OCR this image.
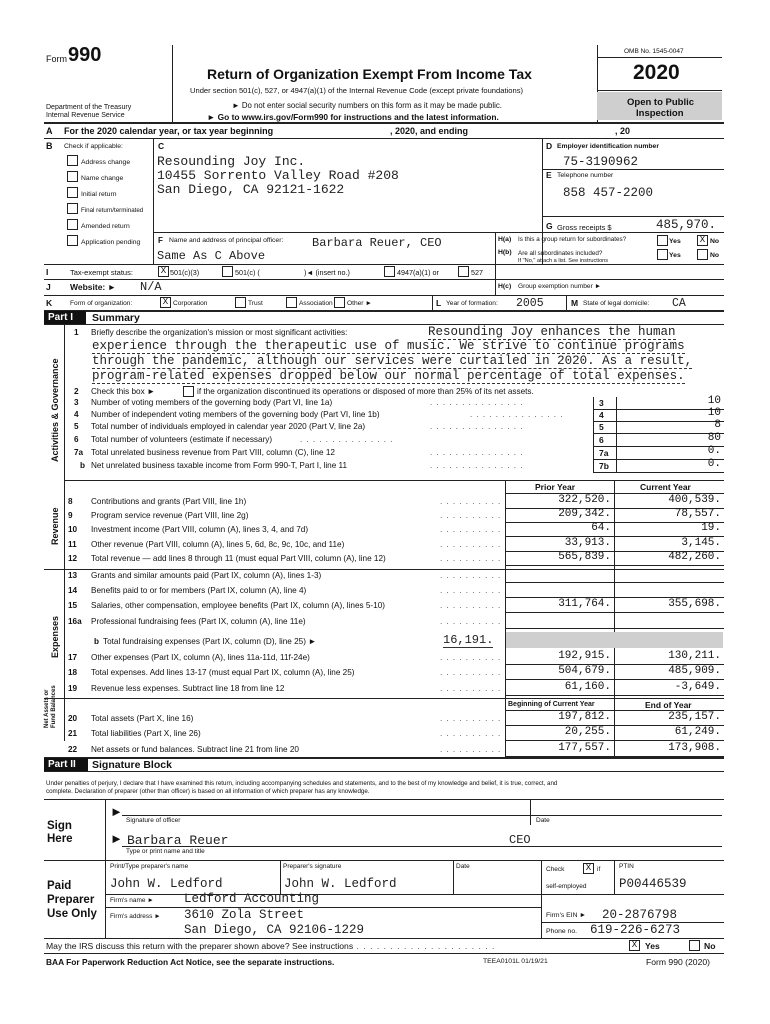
Form 990
Return of Organization Exempt From Income Tax
Under section 501(c), 527, or 4947(a)(1) of the Internal Revenue Code (except private foundations)
► Do not enter social security numbers on this form as it may be made public.
► Go to www.irs.gov/Form990 for instructions and the latest information.
Department of the Treasury
Internal Revenue Service
OMB No. 1545-0047
2020
Open to Public
Inspection
A For the 2020 calendar year, or tax year beginning	, 2020, and ending	, 20
B Check if applicable:
Address change
Name change
Initial return
Final return/terminated
Amended return
Application pending
C
Resounding Joy Inc.
10455 Sorrento Valley Road #208
San Diego, CA 92121-1622
D Employer identification number
75-3190962
E Telephone number
858 457-2200
G Gross receipts $	485,970.
F Name and address of principal officer: Barbara Reuer, CEO
Same As C Above
H(a) Is this a group return for subordinates?	Yes	X No
H(b) Are all subordinates included?
If "No," attach a list. See instructions
Yes	No
I	Tax-exempt status:	X 501(c)(3)	501(c) (	)◄ (insert no.)	4947(a)(1) or	527
J Website: ► N/A	H(c) Group exemption number ►
K	Form of organization:	X Corporation	Trust	Association Other ►	L Year of formation: 2005	M State of legal domicile: CA
Part I Summary
Activities & Governance
Revenue
Expenses
Net Assets or Fund Balances
1 Briefly describe the organization's mission or most significant activities:	Resounding Joy enhances the human
experience through the therapeutic use of music. We strive to continue programs
through the pandemic, although our services were curtailed in 2020. As a result,
program-related expenses dropped below our normal percentage of total expenses.
2 Check this box ►	if the organization discontinued its operations or disposed of more than 25% of its net assets.
3 Number of voting members of the governing body (Part VI, line 1a)	. . . . . . . . . . . . . . .	3	10
4 Number of independent voting members of the governing body (Part VI, line 1b)	. . . . . . . . . . . . . . .	4	10
5 Total number of individuals employed in calendar year 2020 (Part V, line 2a)	. . . . . . . . . . . . . . .	5	8
6 Total number of volunteers (estimate if necessary)	. . . . . . . . . . . . . . .	6	80
7a Total unrelated business revenue from Part VIII, column (C), line 12	. . . . . . . . . . . . . . .	7a	0.
b Net unrelated business taxable income from Form 990-T, Part I, line 11	. . . . . . . . . . . . . . .	7b	0.
Prior Year	Current Year
8 Contributions and grants (Part VIII, line 1h)	. . . . . . . . . .	322,520.	400,539.
9 Program service revenue (Part VIII, line 2g)	. . . . . . . . . .	209,342.	78,557.
10 Investment income (Part VIII, column (A), lines 3, 4, and 7d)	. . . . . . . . . .	64.	19.
11 Other revenue (Part VIII, column (A), lines 5, 6d, 8c, 9c, 10c, and 11e)	. . . . . . . . . .	33,913.	3,145.
12 Total revenue — add lines 8 through 11 (must equal Part VIII, column (A), line 12)	. . . . . . . . . .	565,839.	482,260.
13 Grants and similar amounts paid (Part IX, column (A), lines 1-3)	. . . . . . . . . .
14 Benefits paid to or for members (Part IX, column (A), line 4)	. . . . . . . . . .
15 Salaries, other compensation, employee benefits (Part IX, column (A), lines 5-10)	. . . . . . . . . .	311,764.	355,698.
16a Professional fundraising fees (Part IX, column (A), line 11e)	. . . . . . . . . .
b Total fundraising expenses (Part IX, column (D), line 25) ►	16,191.
17 Other expenses (Part IX, column (A), lines 11a-11d, 11f-24e)	. . . . . . . . . .	192,915.	130,211.
18 Total expenses. Add lines 13-17 (must equal Part IX, column (A), line 25)	. . . . . . . . . .	504,679.	485,909.
19 Revenue less expenses. Subtract line 18 from line 12	. . . . . . . . . .	61,160.	-3,649.
Beginning of Current Year	End of Year
20 Total assets (Part X, line 16)	. . . . . . . . . .	197,812.	235,157.
21 Total liabilities (Part X, line 26)	. . . . . . . . . .	20,255.	61,249.
22 Net assets or fund balances. Subtract line 21 from line 20	. . . . . . . . . .	177,557.	173,908.
Part II Signature Block
Under penalties of perjury, I declare that I have examined this return, including accompanying schedules and statements, and to the best of my knowledge and belief, it is true, correct, and
complete. Declaration of preparer (other than officer) is based on all information of which preparer has any knowledge.
Sign
Here
►
Signature of officer	Date
► Barbara Reuer	CEO
Type or print name and title
Paid
Preparer
Use Only
Print/Type preparer's name	Preparer's signature	Date	Check	X if
self-employed
PTIN
John W. Ledford	John W. Ledford	P00446539
Firm's name ► Ledford Accounting
Firm's address ► 3610 Zola Street
San Diego, CA 92106-1229
Firm's EIN ► 20-2876798
Phone no. 619-226-6273
May the IRS discuss this return with the preparer shown above? See instructions . . . . . . . . . . . . . . . . . . . . .	X Yes	No
BAA For Paperwork Reduction Act Notice, see the separate instructions.	TEEA0101L 01/19/21	Form 990 (2020)
